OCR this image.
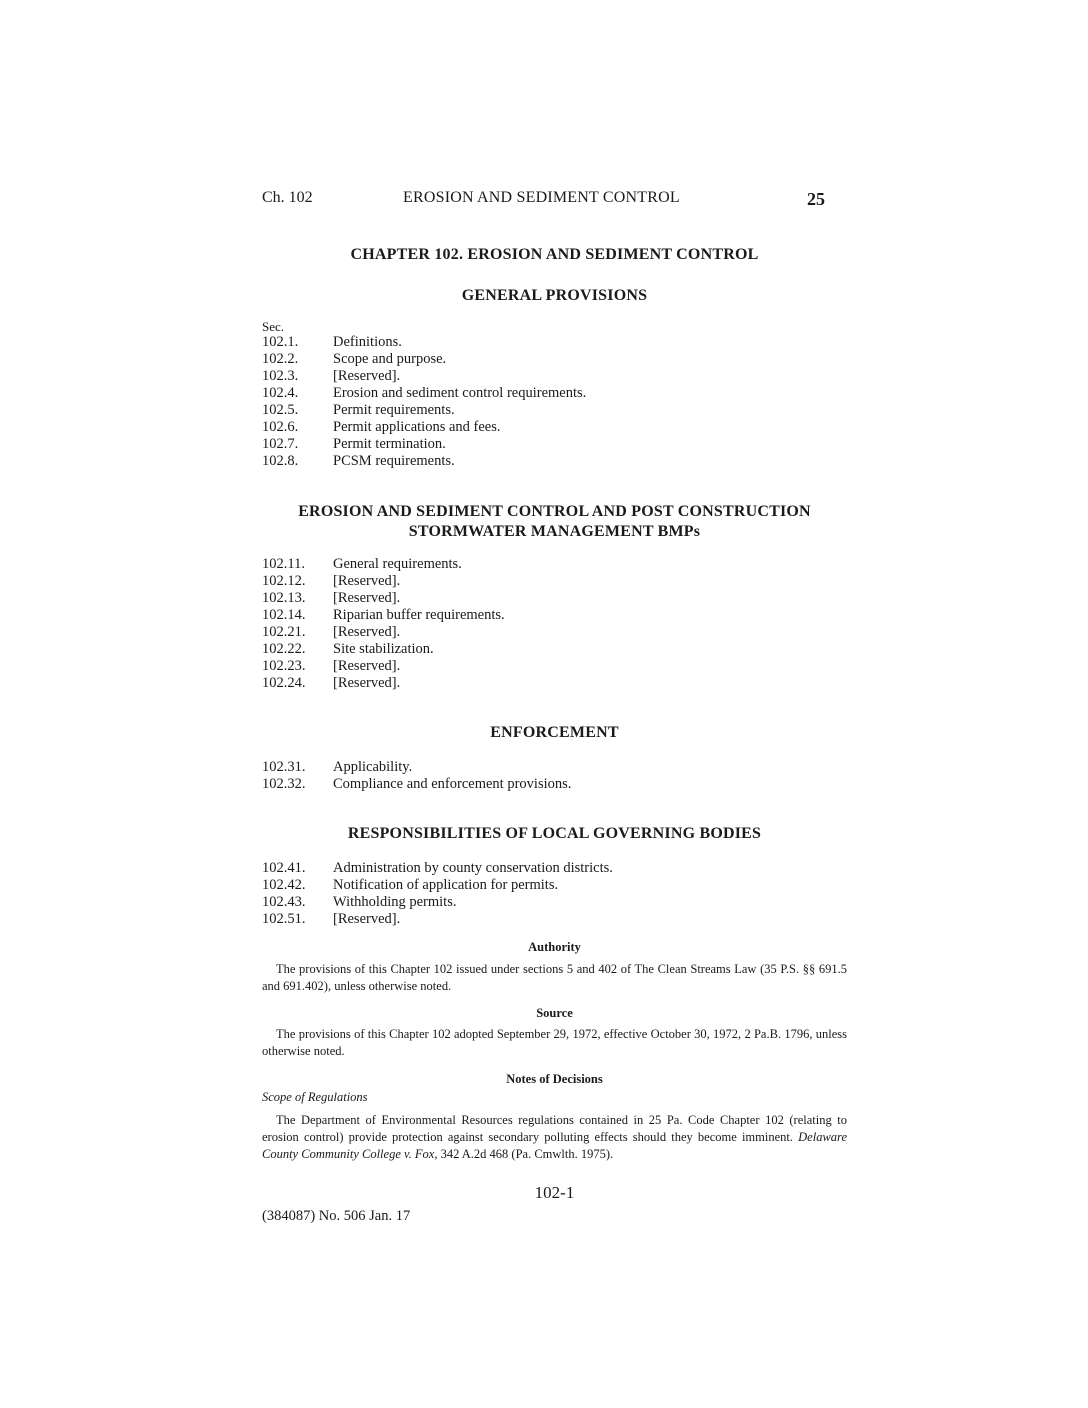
Ch. 102	EROSION AND SEDIMENT CONTROL	25
CHAPTER 102. EROSION AND SEDIMENT CONTROL
GENERAL PROVISIONS
Sec.
102.1. Definitions.
102.2. Scope and purpose.
102.3. [Reserved].
102.4. Erosion and sediment control requirements.
102.5. Permit requirements.
102.6. Permit applications and fees.
102.7. Permit termination.
102.8. PCSM requirements.
EROSION AND SEDIMENT CONTROL AND POST CONSTRUCTION
STORMWATER MANAGEMENT BMPs
102.11. General requirements.
102.12. [Reserved].
102.13. [Reserved].
102.14. Riparian buffer requirements.
102.21. [Reserved].
102.22. Site stabilization.
102.23. [Reserved].
102.24. [Reserved].
ENFORCEMENT
102.31. Applicability.
102.32. Compliance and enforcement provisions.
RESPONSIBILITIES OF LOCAL GOVERNING BODIES
102.41. Administration by county conservation districts.
102.42. Notification of application for permits.
102.43. Withholding permits.
102.51. [Reserved].
Authority
The provisions of this Chapter 102 issued under sections 5 and 402 of The Clean Streams Law (35 P.S. §§ 691.5 and 691.402), unless otherwise noted.
Source
The provisions of this Chapter 102 adopted September 29, 1972, effective October 30, 1972, 2 Pa.B. 1796, unless otherwise noted.
Notes of Decisions
Scope of Regulations
The Department of Environmental Resources regulations contained in 25 Pa. Code Chapter 102 (relating to erosion control) provide protection against secondary polluting effects should they become imminent. Delaware County Community College v. Fox, 342 A.2d 468 (Pa. Cmwlth. 1975).
102-1
(384087) No. 506 Jan. 17
